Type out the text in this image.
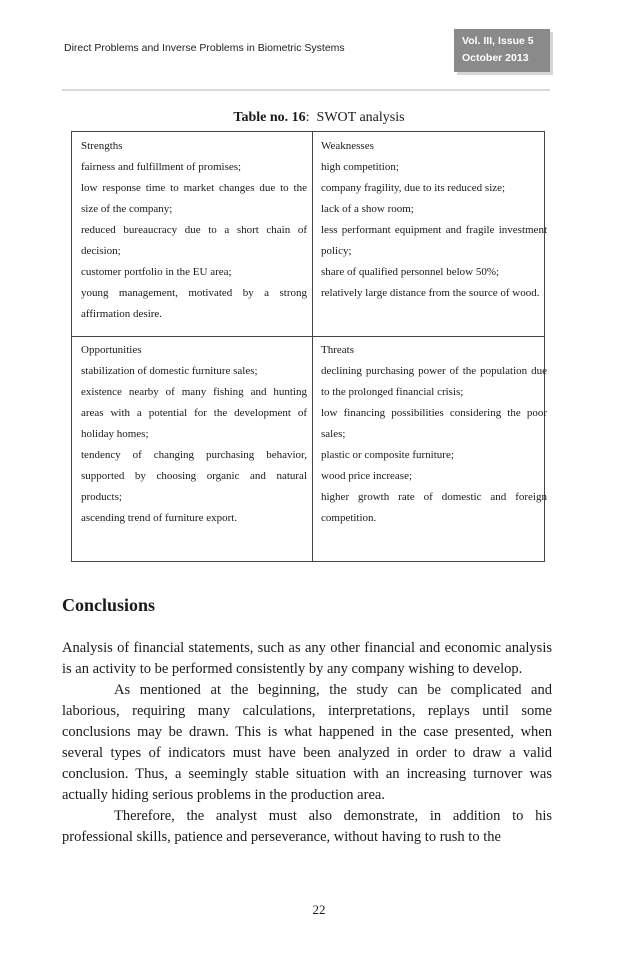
Direct Problems and Inverse Problems in Biometric Systems
Vol. III, Issue 5
October 2013
Table no. 16: SWOT analysis
Strengths
fairness and fulfillment of promises;
low response time to market changes due to the size of the company;
reduced bureaucracy due to a short chain of decision;
customer portfolio in the EU area;
young management, motivated by a strong affirmation desire.
Weaknesses
high competition;
company fragility, due to its reduced size;
lack of a show room;
less performant equipment and fragile investment policy;
share of qualified personnel below 50%;
relatively large distance from the source of wood.
Opportunities
stabilization of domestic furniture sales;
existence nearby of many fishing and hunting areas with a potential for the development of holiday homes;
tendency of changing purchasing behavior, supported by choosing organic and natural products;
ascending trend of furniture export.
Threats
declining purchasing power of the population due to the prolonged financial crisis;
low financing possibilities considering the poor sales;
plastic or composite furniture;
wood price increase;
higher growth rate of domestic and foreign competition.
Conclusions

Analysis of financial statements, such as any other financial and economic analysis is an activity to be performed consistently by any company wishing to develop.

As mentioned at the beginning, the study can be complicated and laborious, requiring many calculations, interpretations, replays until some conclusions may be drawn. This is what happened in the case presented, when several types of indicators must have been analyzed in order to draw a valid conclusion. Thus, a seemingly stable situation with an increasing turnover was actually hiding serious problems in the production area.

Therefore, the analyst must also demonstrate, in addition to his professional skills, patience and perseverance, without having to rush to the

22
